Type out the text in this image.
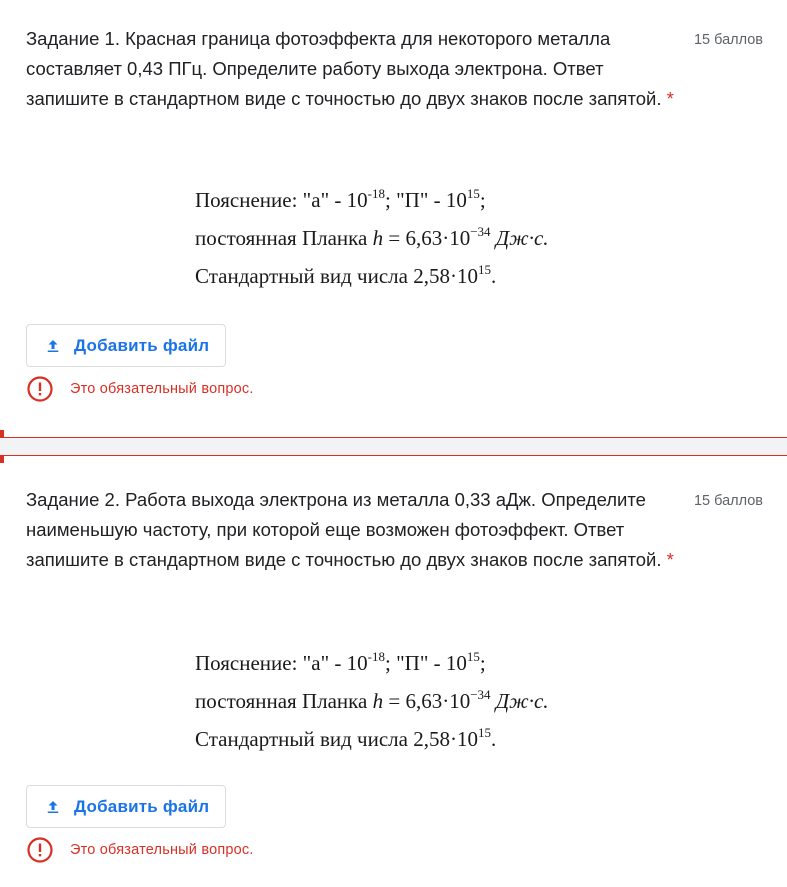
Задание 1. Красная граница фотоэффекта для некоторого металла составляет 0,43 ПГц. Определите работу выхода электрона. Ответ запишите в стандартном виде с точностью до двух знаков после запятой. *
15 баллов
Пояснение: "а" - $10^{-18}$; "П" - $10^{15}$;
постоянная Планка $h = 6,63\cdot 10^{-34}$ Дж·с.
Стандартный вид числа $2,58\cdot 10^{15}$.
Добавить файл
Это обязательный вопрос.
Задание 2. Работа выхода электрона из металла 0,33 аДж. Определите наименьшую частоту, при которой еще возможен фотоэффект. Ответ запишите в стандартном виде с точностью до двух знаков после запятой. *
15 баллов
Пояснение: "а" - $10^{-18}$; "П" - $10^{15}$;
постоянная Планка $h = 6,63\cdot 10^{-34}$ Дж·с.
Стандартный вид числа $2,58\cdot 10^{15}$.
Добавить файл
Это обязательный вопрос.
